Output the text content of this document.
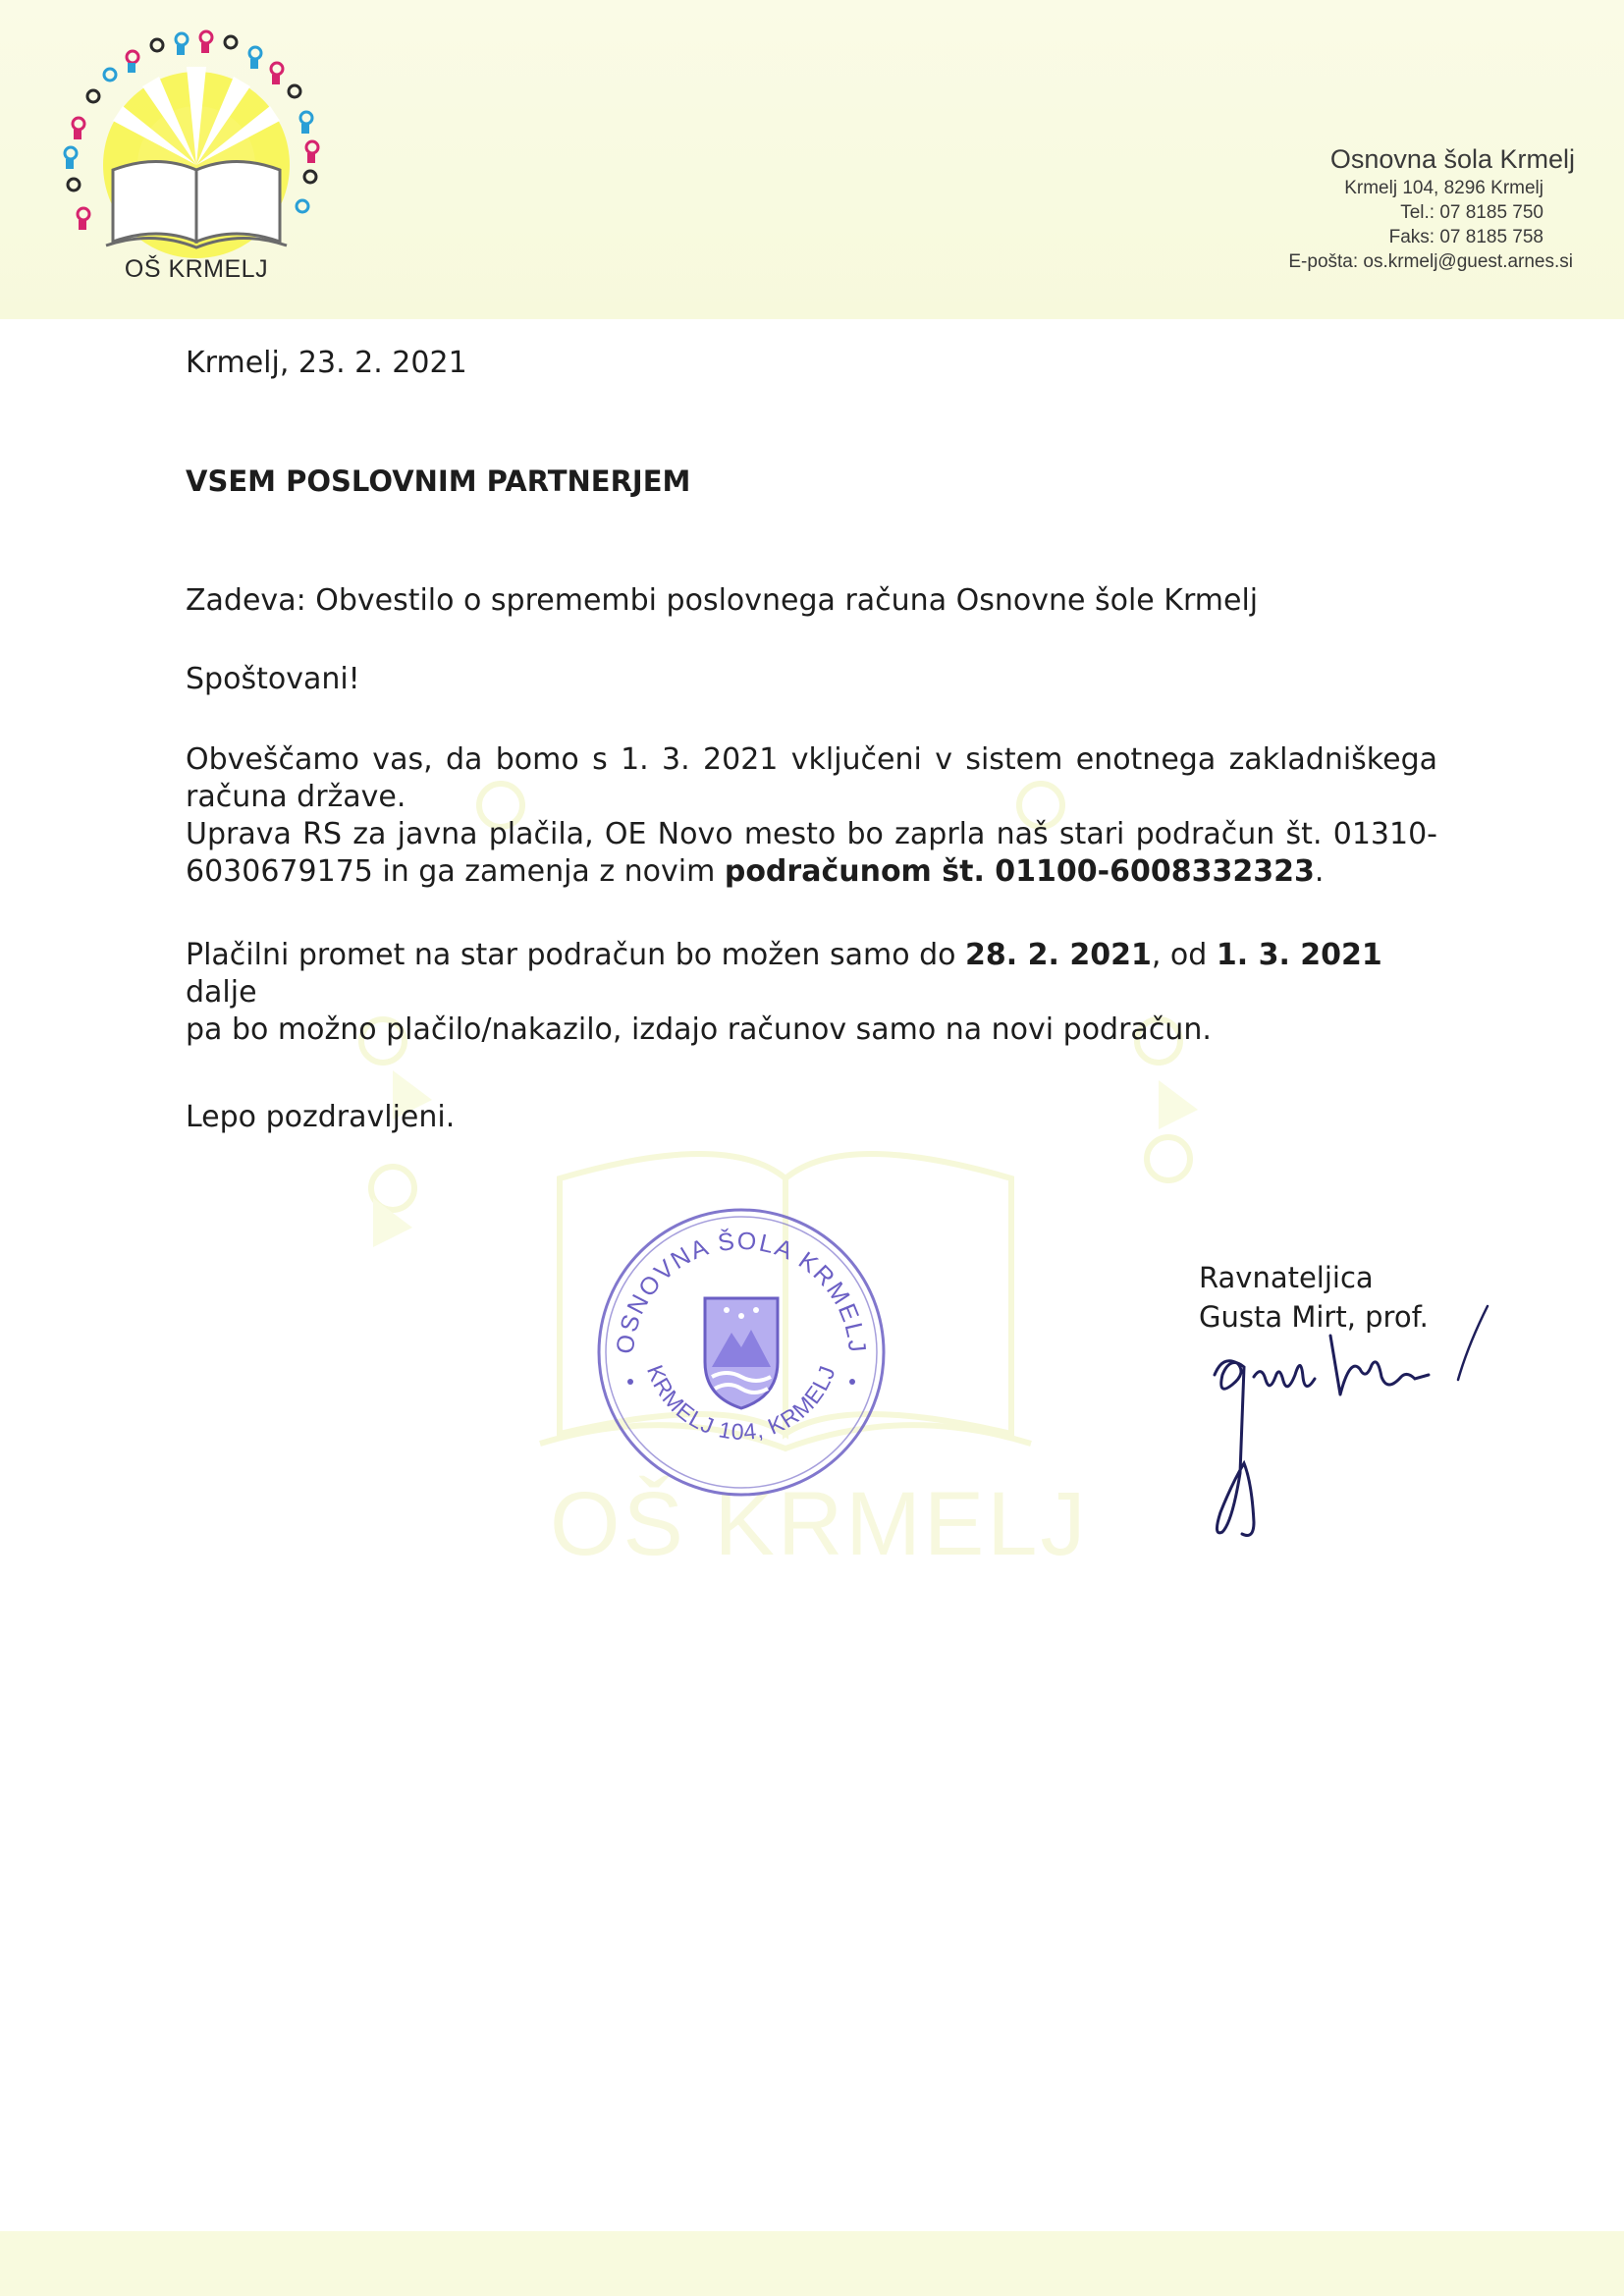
OŠ KRMELJ
Osnovna šola Krmelj
Krmelj 104, 8296 Krmelj
Tel.: 07 8185 750
Faks: 07 8185 758
E-pošta: os.krmelj@guest.arnes.si
OŠ KRMELJ
Krmelj, 23. 2. 2021
VSEM POSLOVNIM PARTNERJEM
Zadeva: Obvestilo o spremembi poslovnega računa Osnovne šole Krmelj
Spoštovani!
Obveščamo vas, da bomo s 1. 3. 2021 vključeni v sistem enotnega zakladniškega
računa države.
Uprava RS za javna plačila, OE Novo mesto bo zaprla naš stari podračun št. 01310-
6030679175 in ga zamenja z novim podračunom št. 01100-6008332323.
Plačilni promet na star podračun bo možen samo do 28. 2. 2021, od 1. 3. 2021 dalje
pa bo možno plačilo/nakazilo, izdajo računov samo na novi podračun.
Lepo pozdravljeni.
OSNOVNA ŠOLA KRMELJ
KRMELJ 104, KRMELJ
Ravnateljica
Gusta Mirt, prof.
